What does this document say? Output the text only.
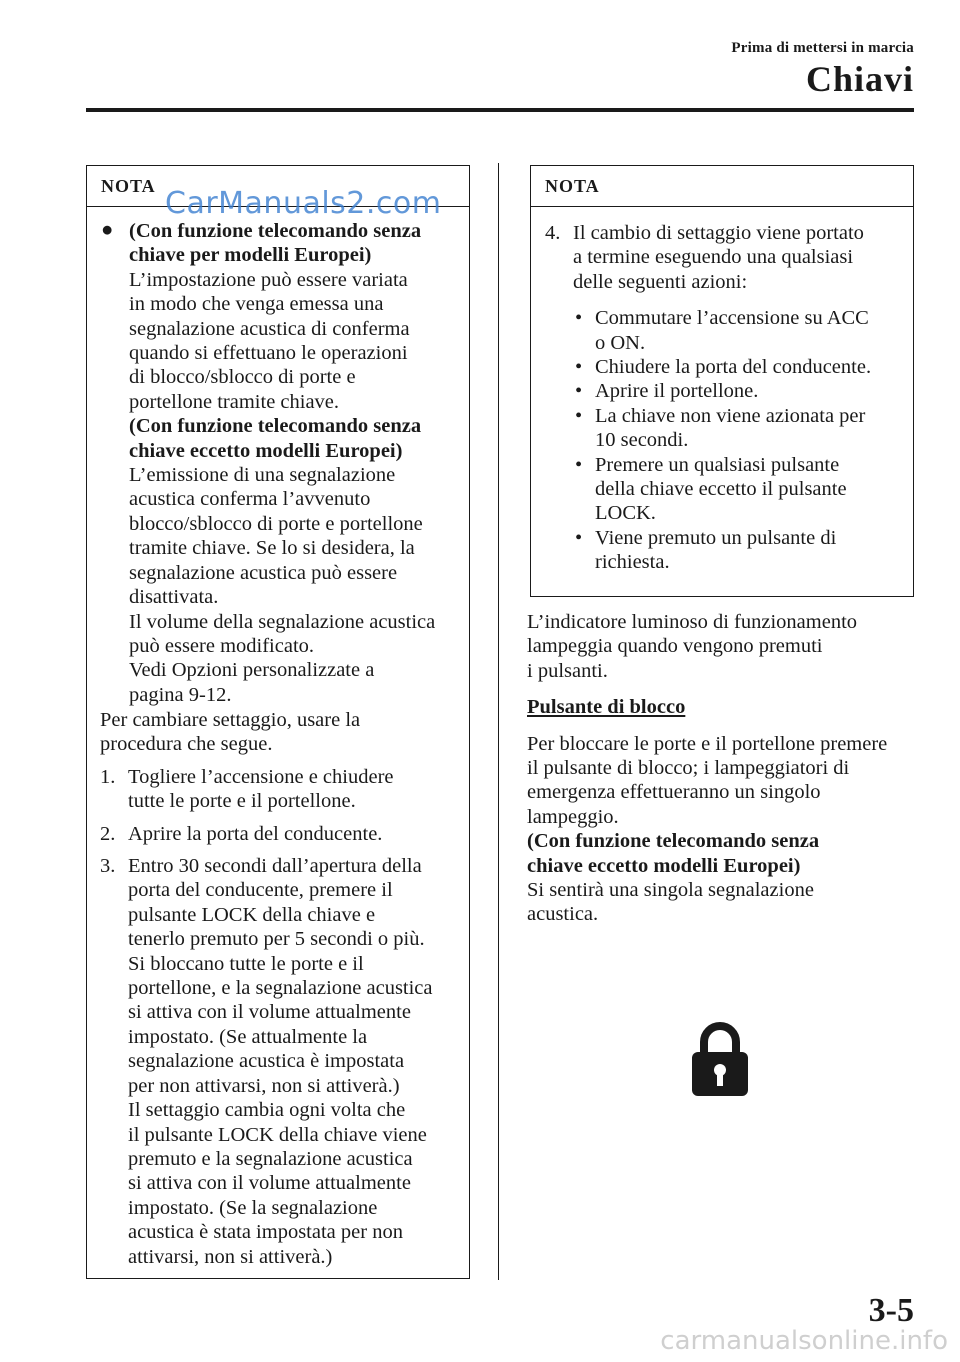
Prima di mettersi in marcia
Chiavi
NOTA
● (Con funzione telecomando senza
chiave per modelli Europei)
L’impostazione può essere variata
in modo che venga emessa una
segnalazione acustica di conferma
quando si effettuano le operazioni
di blocco/sblocco di porte e
portellone tramite chiave.
(Con funzione telecomando senza
chiave eccetto modelli Europei)
L’emissione di una segnalazione
acustica conferma l’avvenuto
blocco/sblocco di porte e portellone
tramite chiave. Se lo si desidera, la
segnalazione acustica può essere
disattivata.
Il volume della segnalazione acustica
può essere modificato.
Vedi Opzioni personalizzate a
pagina 9-12.
CarManuals2.com

Per cambiare settaggio, usare la

procedura che segue.

1. Togliere l’accensione e chiudere
tutte le porte e il portellone.
2. Aprire la porta del conducente.
3. Entro 30 secondi dall’apertura della
porta del conducente, premere il
pulsante LOCK della chiave e
tenerlo premuto per 5 secondi o più.
Si bloccano tutte le porte e il
portellone, e la segnalazione acustica
si attiva con il volume attualmente
impostato. (Se attualmente la
segnalazione acustica è impostata
per non attivarsi, non si attiverà.)
Il settaggio cambia ogni volta che
il pulsante LOCK della chiave viene
premuto e la segnalazione acustica
si attiva con il volume attualmente
impostato. (Se la segnalazione
acustica è stata impostata per non
attivarsi, non si attiverà.)
NOTA
4. Il cambio di settaggio viene portato
a termine eseguendo una qualsiasi
delle seguenti azioni:
• Commutare l’accensione su ACC
o ON.
• Chiudere la porta del conducente.
• Aprire il portellone.
• La chiave non viene azionata per
10 secondi.
• Premere un qualsiasi pulsante
della chiave eccetto il pulsante
LOCK.
• Viene premuto un pulsante di
richiesta.
L’indicatore luminoso di funzionamento
lampeggia quando vengono premuti
i pulsanti.

Pulsante di blocco

Per bloccare le porte e il portellone premere
il pulsante di blocco; i lampeggiatori di
emergenza effettueranno un singolo
lampeggio.
(Con funzione telecomando senza
chiave eccetto modelli Europei)
Si sentirà una singola segnalazione
acustica.
3-5
carmanualsonline.info
